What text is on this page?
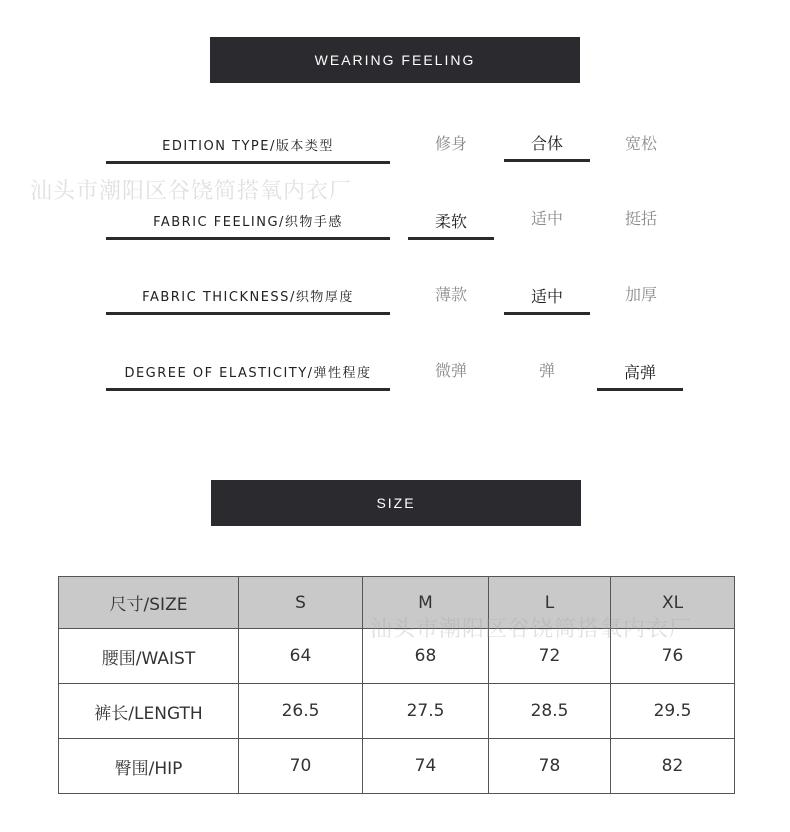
WEARING FEELING
EDITION TYPE/版本类型	修身	合体	宽松
FABRIC FEELING/织物手感	柔软	适中	挺括
FABRIC THICKNESS/织物厚度	薄款	适中	加厚
DEGREE OF ELASTICITY/弹性程度	微弹	弹	高弹
SIZE
尺寸/SIZE	S	M	L	XL
腰围/WAIST	64	68	72	76
裤长/LENGTH	26.5	27.5	28.5	29.5
臀围/HIP	70	74	78	82
汕头市潮阳区谷饶简搭氧内衣厂
汕头市潮阳区谷饶简搭氧内衣厂
